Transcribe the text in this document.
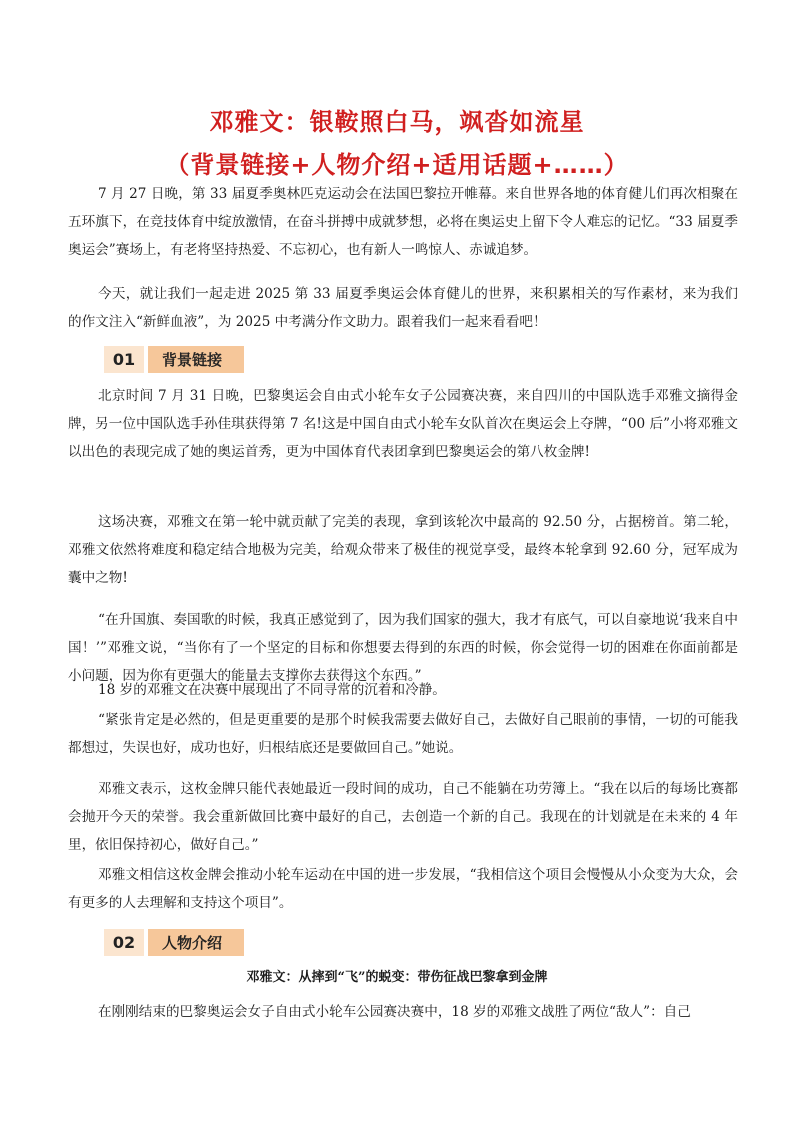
邓雅文：银鞍照白马，飒沓如流星
（背景链接+人物介绍+适用话题+……）
7 月 27 日晚，第 33 届夏季奥林匹克运动会在法国巴黎拉开帷幕。来自世界各地的体育健儿们再次相聚在五环旗下，在竞技体育中绽放激情，在奋斗拼搏中成就梦想，必将在奥运史上留下令人难忘的记忆。“33 届夏季奥运会”赛场上，有老将坚持热爱、不忘初心，也有新人一鸣惊人、赤诚追梦。
今天，就让我们一起走进 2025 第 33 届夏季奥运会体育健儿的世界，来积累相关的写作素材，来为我们的作文注入“新鲜血液”，为 2025 中考满分作文助力。跟着我们一起来看看吧！
01	背景链接
北京时间 7 月 31 日晚，巴黎奥运会自由式小轮车女子公园赛决赛，来自四川的中国队选手邓雅文摘得金牌，另一位中国队选手孙佳琪获得第 7 名!这是中国自由式小轮车女队首次在奥运会上夺牌，“00 后”小将邓雅文以出色的表现完成了她的奥运首秀，更为中国体育代表团拿到巴黎奥运会的第八枚金牌!
这场决赛，邓雅文在第一轮中就贡献了完美的表现，拿到该轮次中最高的 92.50 分，占据榜首。第二轮，邓雅文依然将难度和稳定结合地极为完美，给观众带来了极佳的视觉享受，最终本轮拿到 92.60 分，冠军成为囊中之物!
“在升国旗、奏国歌的时候，我真正感觉到了，因为我们国家的强大，我才有底气，可以自豪地说‘我来自中国！’”邓雅文说，“当你有了一个坚定的目标和你想要去得到的东西的时候，你会觉得一切的困难在你面前都是小问题，因为你有更强大的能量去支撑你去获得这个东西。”
18 岁的邓雅文在决赛中展现出了不同寻常的沉着和冷静。
“紧张肯定是必然的，但是更重要的是那个时候我需要去做好自己，去做好自己眼前的事情，一切的可能我都想过，失误也好，成功也好，归根结底还是要做回自己。”她说。
邓雅文表示，这枚金牌只能代表她最近一段时间的成功，自己不能躺在功劳簿上。“我在以后的每场比赛都会抛开今天的荣誉。我会重新做回比赛中最好的自己，去创造一个新的自己。我现在的计划就是在未来的 4 年里，依旧保持初心，做好自己。”
邓雅文相信这枚金牌会推动小轮车运动在中国的进一步发展，“我相信这个项目会慢慢从小众变为大众，会有更多的人去理解和支持这个项目”。
02	人物介绍
邓雅文：从摔到“飞”的蜕变：带伤征战巴黎拿到金牌
在刚刚结束的巴黎奥运会女子自由式小轮车公园赛决赛中，18 岁的邓雅文战胜了两位“敌人”：自己
